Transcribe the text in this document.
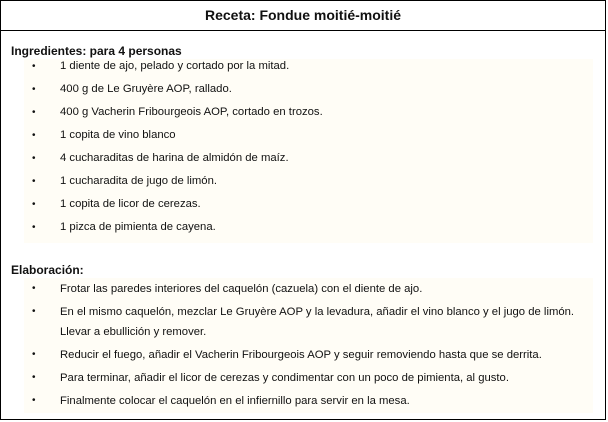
Receta: Fondue moitié-moitié
Ingredientes: para 4 personas
• 1 diente de ajo, pelado y cortado por la mitad.
• 400 g de Le Gruyère AOP, rallado.
• 400 g Vacherin Fribourgeois AOP, cortado en trozos.
• 1 copita de vino blanco
• 4 cucharaditas de harina de almidón de maíz.
• 1 cucharadita de jugo de limón.
• 1 copita de licor de cerezas.
• 1 pizca de pimienta de cayena.
Elaboración:
• Frotar las paredes interiores del caquelón (cazuela) con el diente de ajo.
• En el mismo caquelón, mezclar Le Gruyère AOP y la levadura, añadir el vino blanco y el jugo de limón. Llevar a ebullición y remover.
• Reducir el fuego, añadir el Vacherin Fribourgeois AOP y seguir removiendo hasta que se derrita.
• Para terminar, añadir el licor de cerezas y condimentar con un poco de pimienta, al gusto.
• Finalmente colocar el caquelón en el infiernillo para servir en la mesa.
